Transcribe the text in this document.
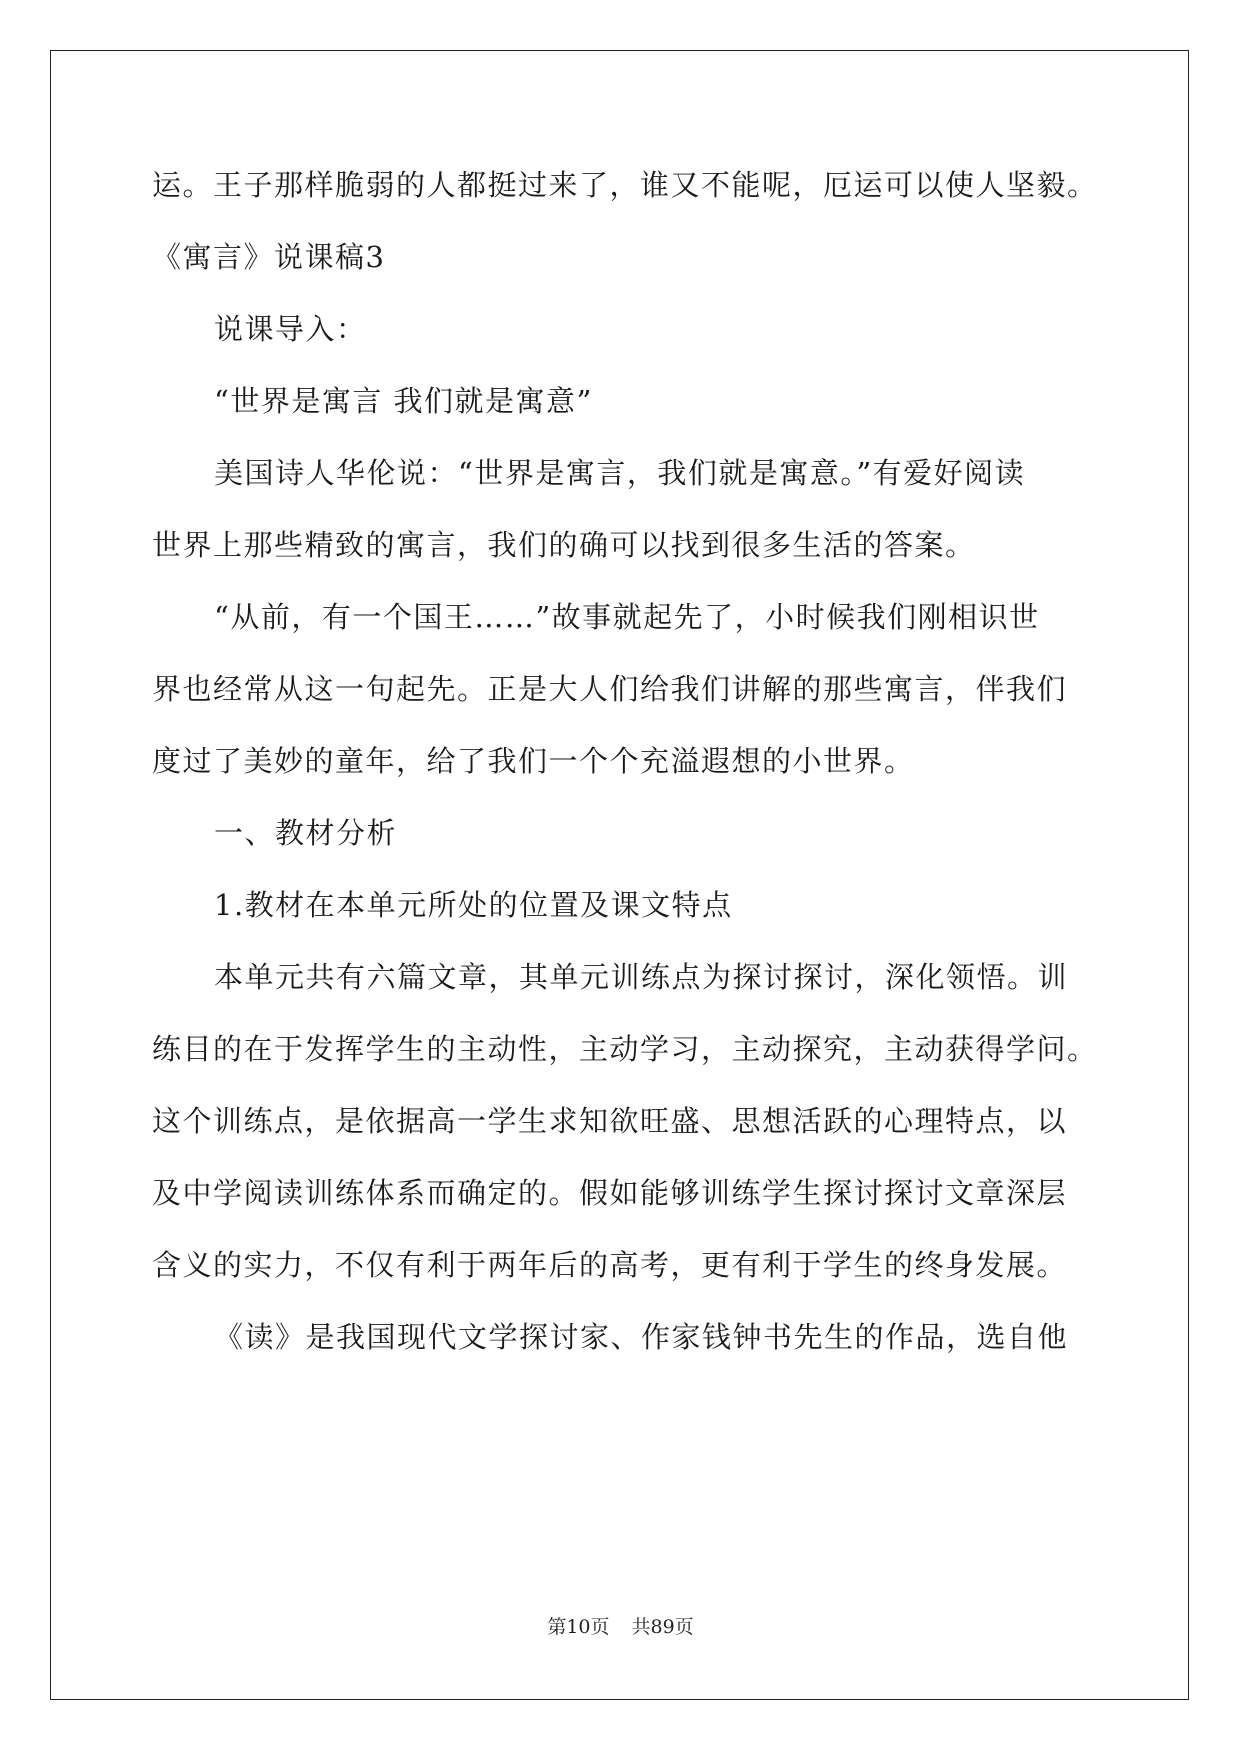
运。王子那样脆弱的人都挺过来了，谁又不能呢，厄运可以使人坚毅。
《寓言》说课稿3
说课导入：
“世界是寓言 我们就是寓意”
美国诗人华伦说：“世界是寓言，我们就是寓意。”有爱好阅读
世界上那些精致的寓言，我们的确可以找到很多生活的答案。
“从前，有一个国王……”故事就起先了，小时候我们刚相识世
界也经常从这一句起先。正是大人们给我们讲解的那些寓言，伴我们
度过了美妙的童年，给了我们一个个充溢遐想的小世界。
一、教材分析
1.教材在本单元所处的位置及课文特点
本单元共有六篇文章，其单元训练点为探讨探讨，深化领悟。训
练目的在于发挥学生的主动性，主动学习，主动探究，主动获得学问。
这个训练点，是依据高一学生求知欲旺盛、思想活跃的心理特点，以
及中学阅读训练体系而确定的。假如能够训练学生探讨探讨文章深层
含义的实力，不仅有利于两年后的高考，更有利于学生的终身发展。
《读》是我国现代文学探讨家、作家钱钟书先生的作品，选自他
第10页 共89页
